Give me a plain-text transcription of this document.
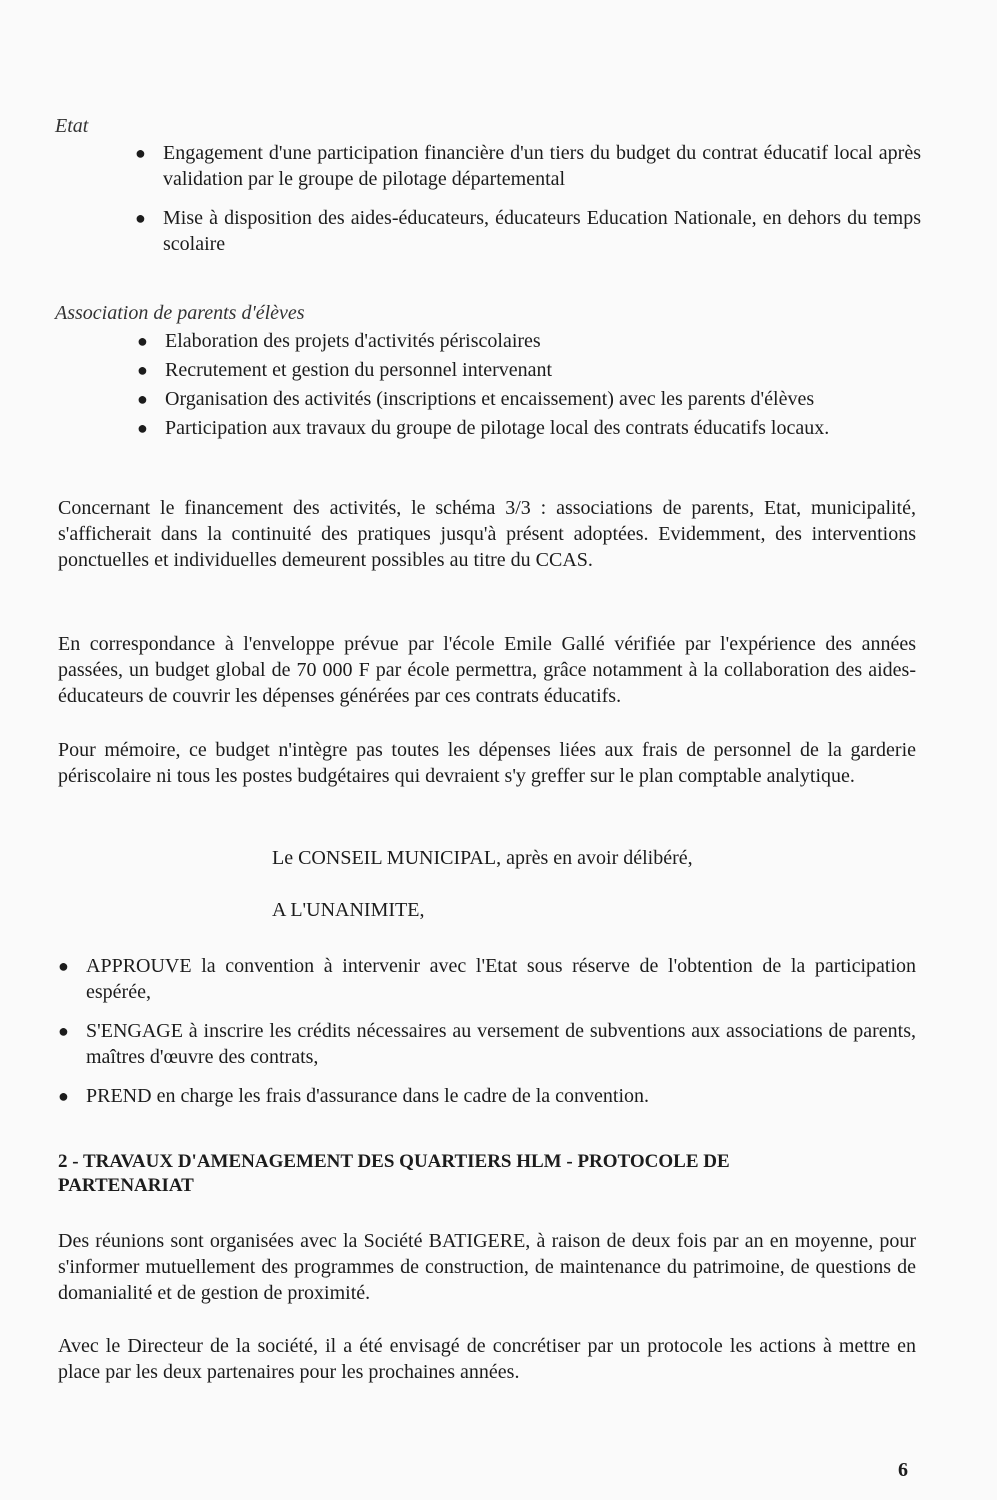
Etat
● Engagement d'une participation financière d'un tiers du budget du contrat éducatif local après validation par le groupe de pilotage départemental
● Mise à disposition des aides-éducateurs, éducateurs Education Nationale, en dehors du temps scolaire
Association de parents d'élèves
● Elaboration des projets d'activités périscolaires
● Recrutement et gestion du personnel intervenant
● Organisation des activités (inscriptions et encaissement) avec les parents d'élèves
● Participation aux travaux du groupe de pilotage local des contrats éducatifs locaux.

Concernant le financement des activités, le schéma 3/3 : associations de parents, Etat, municipalité, s'afficherait dans la continuité des pratiques jusqu'à présent adoptées. Evidemment, des interventions ponctuelles et individuelles demeurent possibles au titre du CCAS.

En correspondance à l'enveloppe prévue par l'école Emile Gallé vérifiée par l'expérience des années passées, un budget global de 70 000 F par école permettra, grâce notamment à la collaboration des aides-éducateurs de couvrir les dépenses générées par ces contrats éducatifs.

Pour mémoire, ce budget n'intègre pas toutes les dépenses liées aux frais de personnel de la garderie périscolaire ni tous les postes budgétaires qui devraient s'y greffer sur le plan comptable analytique.

Le CONSEIL MUNICIPAL, après en avoir délibéré,

A L'UNANIMITE,

● APPROUVE la convention à intervenir avec l'Etat sous réserve de l'obtention de la participation espérée,
● S'ENGAGE à inscrire les crédits nécessaires au versement de subventions aux associations de parents, maîtres d'œuvre des contrats,
● PREND en charge les frais d'assurance dans le cadre de la convention.

2 - TRAVAUX D'AMENAGEMENT DES QUARTIERS HLM - PROTOCOLE DE PARTENARIAT

Des réunions sont organisées avec la Société BATIGERE, à raison de deux fois par an en moyenne, pour s'informer mutuellement des programmes de construction, de maintenance du patrimoine, de questions de domanialité et de gestion de proximité.

Avec le Directeur de la société, il a été envisagé de concrétiser par un protocole les actions à mettre en place par les deux partenaires pour les prochaines années.

6
